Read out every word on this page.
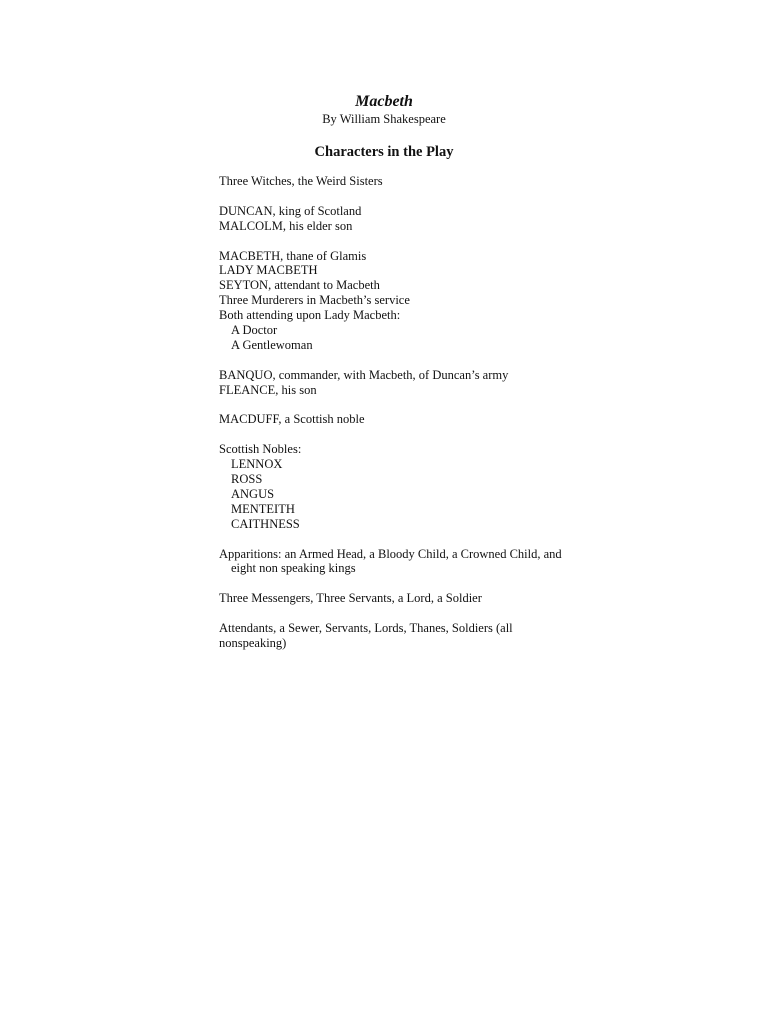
Macbeth
By William Shakespeare
Characters in the Play
Three Witches, the Weird Sisters
DUNCAN, king of Scotland
MALCOLM, his elder son
MACBETH, thane of Glamis
LADY MACBETH
SEYTON, attendant to Macbeth
Three Murderers in Macbeth’s service
Both attending upon Lady Macbeth:
A Doctor
A Gentlewoman
BANQUO, commander, with Macbeth, of Duncan’s army
FLEANCE, his son
MACDUFF, a Scottish noble
Scottish Nobles:
LENNOX
ROSS
ANGUS
MENTEITH
CAITHNESS
Apparitions: an Armed Head, a Bloody Child, a Crowned Child, and
eight non speaking kings
Three Messengers, Three Servants, a Lord, a Soldier
Attendants, a Sewer, Servants, Lords, Thanes, Soldiers (all
nonspeaking)
